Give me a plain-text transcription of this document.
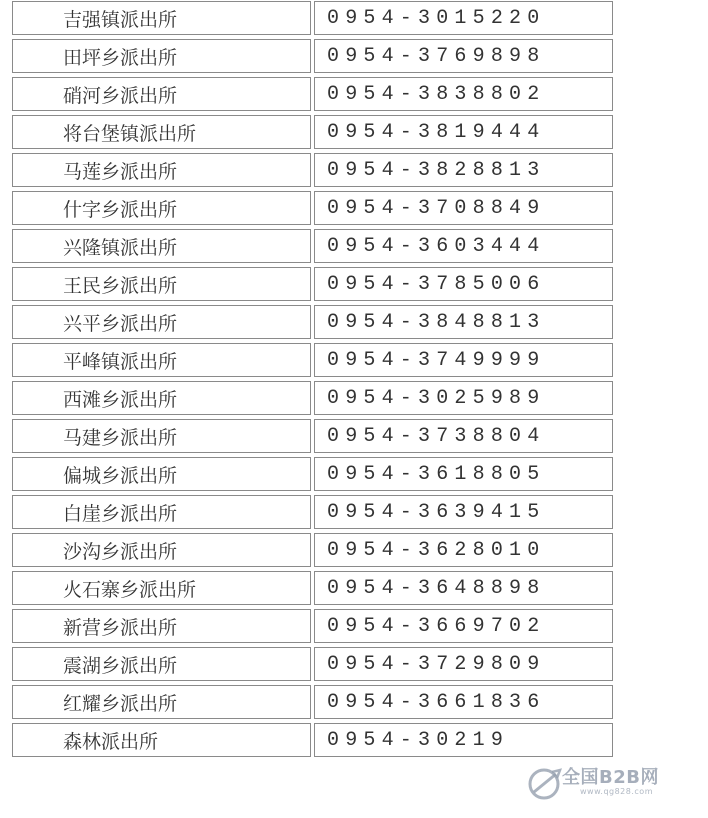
吉强镇派出所	0954-3015220
田坪乡派出所	0954-3769898
硝河乡派出所	0954-3838802
将台堡镇派出所	0954-3819444
马莲乡派出所	0954-3828813
什字乡派出所	0954-3708849
兴隆镇派出所	0954-3603444
王民乡派出所	0954-3785006
兴平乡派出所	0954-3848813
平峰镇派出所	0954-3749999
西滩乡派出所	0954-3025989
马建乡派出所	0954-3738804
偏城乡派出所	0954-3618805
白崖乡派出所	0954-3639415
沙沟乡派出所	0954-3628010
火石寨乡派出所	0954-3648898
新营乡派出所	0954-3669702
震湖乡派出所	0954-3729809
红耀乡派出所	0954-3661836
森林派出所	0954-30219
全国B2B网
www.qg828.com
